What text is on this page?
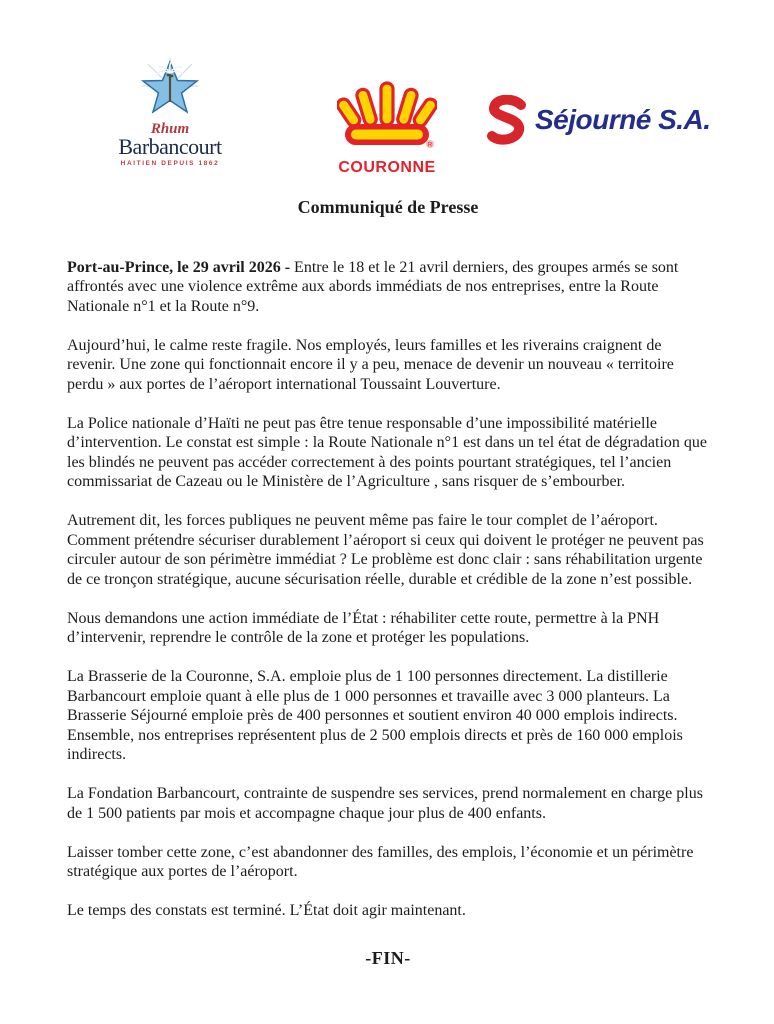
Rhum
Barbancourt
HAITIEN DEPUIS 1862
R
COURONNE
Séjourné S.A.
Communiqué de Presse

Port-au-Prince, le 29 avril 2026 - Entre le 18 et le 21 avril derniers, des groupes armés se sont affrontés avec une violence extrême aux abords immédiats de nos entreprises, entre la Route Nationale n°1 et la Route n°9.

Aujourd’hui, le calme reste fragile. Nos employés, leurs familles et les riverains craignent de revenir. Une zone qui fonctionnait encore il y a peu, menace de devenir un nouveau « territoire perdu » aux portes de l’aéroport international Toussaint Louverture.

La Police nationale d’Haïti ne peut pas être tenue responsable d’une impossibilité matérielle d’intervention. Le constat est simple : la Route Nationale n°1 est dans un tel état de dégradation que les blindés ne peuvent pas accéder correctement à des points pourtant stratégiques, tel l’ancien commissariat de Cazeau ou le Ministère de l’Agriculture , sans risquer de s’embourber.

Autrement dit, les forces publiques ne peuvent même pas faire le tour complet de l’aéroport. Comment prétendre sécuriser durablement l’aéroport si ceux qui doivent le protéger ne peuvent pas circuler autour de son périmètre immédiat ? Le problème est donc clair : sans réhabilitation urgente de ce tronçon stratégique, aucune sécurisation réelle, durable et crédible de la zone n’est possible.

Nous demandons une action immédiate de l’État : réhabiliter cette route, permettre à la PNH d’intervenir, reprendre le contrôle de la zone et protéger les populations.

La Brasserie de la Couronne, S.A. emploie plus de 1 100 personnes directement. La distillerie Barbancourt emploie quant à elle plus de 1 000 personnes et travaille avec 3 000 planteurs. La Brasserie Séjourné emploie près de 400 personnes et soutient environ 40 000 emplois indirects. Ensemble, nos entreprises représentent plus de 2 500 emplois directs et près de 160 000 emplois indirects.

La Fondation Barbancourt, contrainte de suspendre ses services, prend normalement en charge plus de 1 500 patients par mois et accompagne chaque jour plus de 400 enfants.

Laisser tomber cette zone, c’est abandonner des familles, des emplois, l’économie et un périmètre stratégique aux portes de l’aéroport.

Le temps des constats est terminé. L’État doit agir maintenant.

-FIN-
